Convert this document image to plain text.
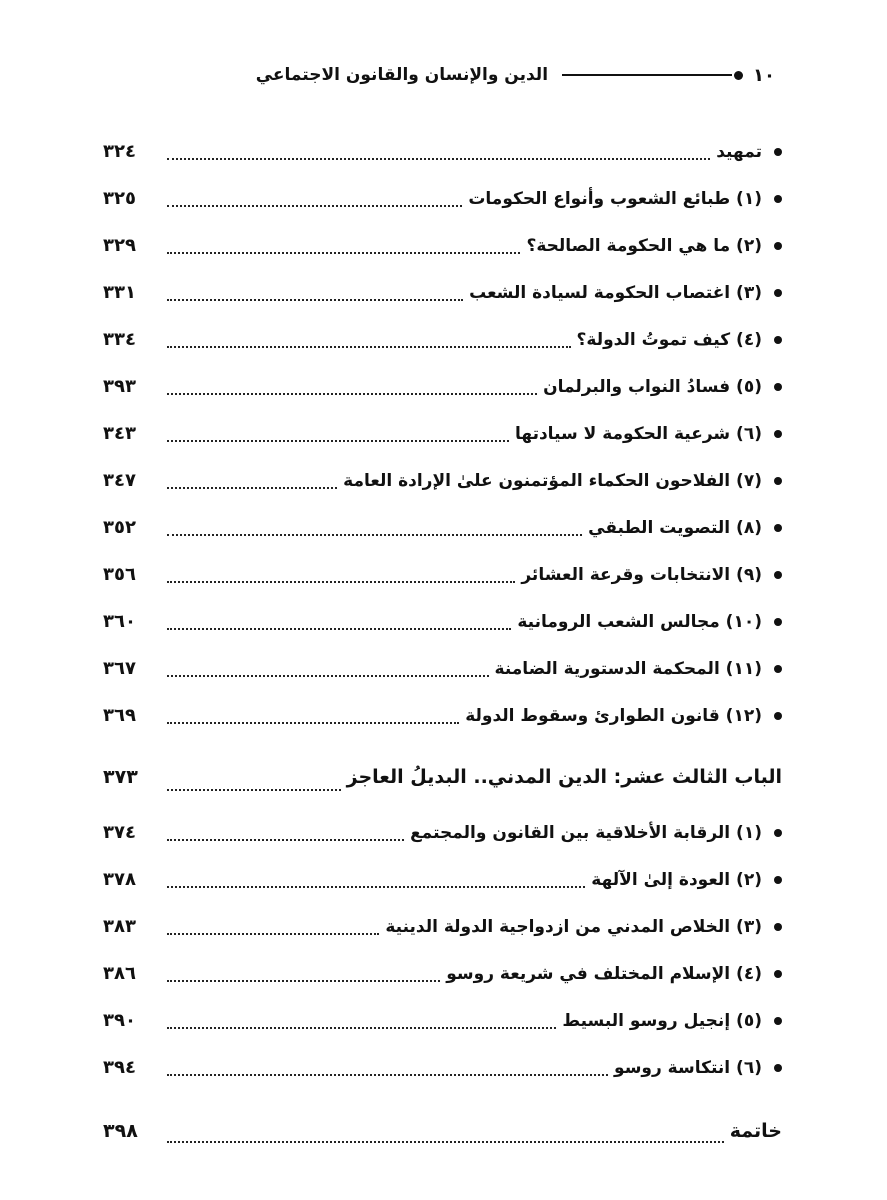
١٠
الدين والإنسان والقانون الاجتماعي
تمهيد
٣٢٤
(١) طبائع الشعوب وأنواع الحكومات
٣٢٥
(٢) ما هي الحكومة الصالحة؟
٣٢٩
(٣) اغتصاب الحكومة لسيادة الشعب
٣٣١
(٤) كيف تموتُ الدولة؟
٣٣٤
(٥) فسادُ النواب والبرلمان
٣٩٣
(٦) شرعية الحكومة لا سيادتها
٣٤٣
(٧) الفلاحون الحكماء المؤتمنون علىٰ الإرادة العامة
٣٤٧
(٨) التصويت الطبقي
٣٥٢
(٩) الانتخابات وقرعة العشائر
٣٥٦
(١٠) مجالس الشعب الرومانية
٣٦٠
(١١) المحكمة الدستورية الضامنة
٣٦٧
(١٢) قانون الطوارئ وسقوط الدولة
٣٦٩
الباب الثالث عشر: الدين المدني.. البديلُ العاجز
٣٧٣
(١) الرقابة الأخلاقية بين القانون والمجتمع
٣٧٤
(٢) العودة إلىٰ الآلهة
٣٧٨
(٣) الخلاص المدني من ازدواجية الدولة الدينية
٣٨٣
(٤) الإسلام المختلف في شريعة روسو
٣٨٦
(٥) إنجيل روسو البسيط
٣٩٠
(٦) انتكاسة روسو
٣٩٤
خاتمة
٣٩٨
